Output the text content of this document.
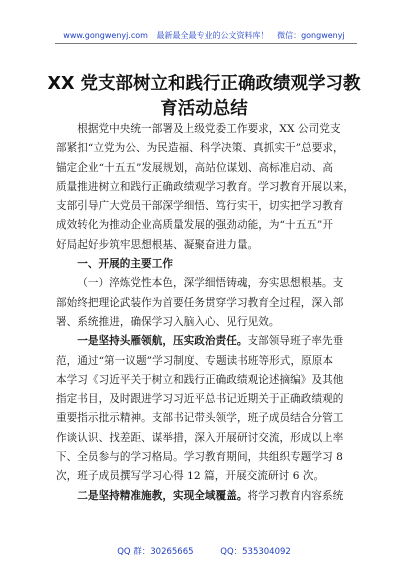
www.gongwenyj.com 最新最全最专业的公文资料库！ 微信：gongwenyj
XX 党支部树立和践行正确政绩观学习教
育活动总结

根据党中央统一部署及上级党委工作要求，XX 公司党支
部紧扣“立党为公、为民造福、科学决策、真抓实干”总要求，
锚定企业“十五五”发展规划，高站位谋划、高标准启动、高
质量推进树立和践行正确政绩观学习教育。学习教育开展以来，
支部引导广大党员干部深学细悟、笃行实干，切实把学习教育
成效转化为推动企业高质量发展的强劲动能，为“十五五”开
好局起好步筑牢思想根基、凝聚奋进力量。

一、开展的主要工作

（一）淬炼党性本色，深学细悟铸魂，夯实思想根基。支
部始终把理论武装作为首要任务贯穿学习教育全过程，深入部
署、系统推进，确保学习入脑入心、见行见效。

一是坚持头雁领航，压实政治责任。支部领导班子率先垂
范，通过“第一议题”学习制度、专题读书班等形式，原原本
本学习《习近平关于树立和践行正确政绩观论述摘编》及其他
指定书目，及时跟进学习习近平总书记近期关于正确政绩观的
重要指示批示精神。支部书记带头领学，班子成员结合分管工
作谈认识、找差距、谋举措，深入开展研讨交流，形成以上率
下、全员参与的学习格局。学习教育期间，共组织专题学习 8
次，班子成员撰写学习心得 12 篇，开展交流研讨 6 次。

二是坚持精准施教，实现全域覆盖。将学习教育内容系统

QQ 群：30265665	QQ：535304092
